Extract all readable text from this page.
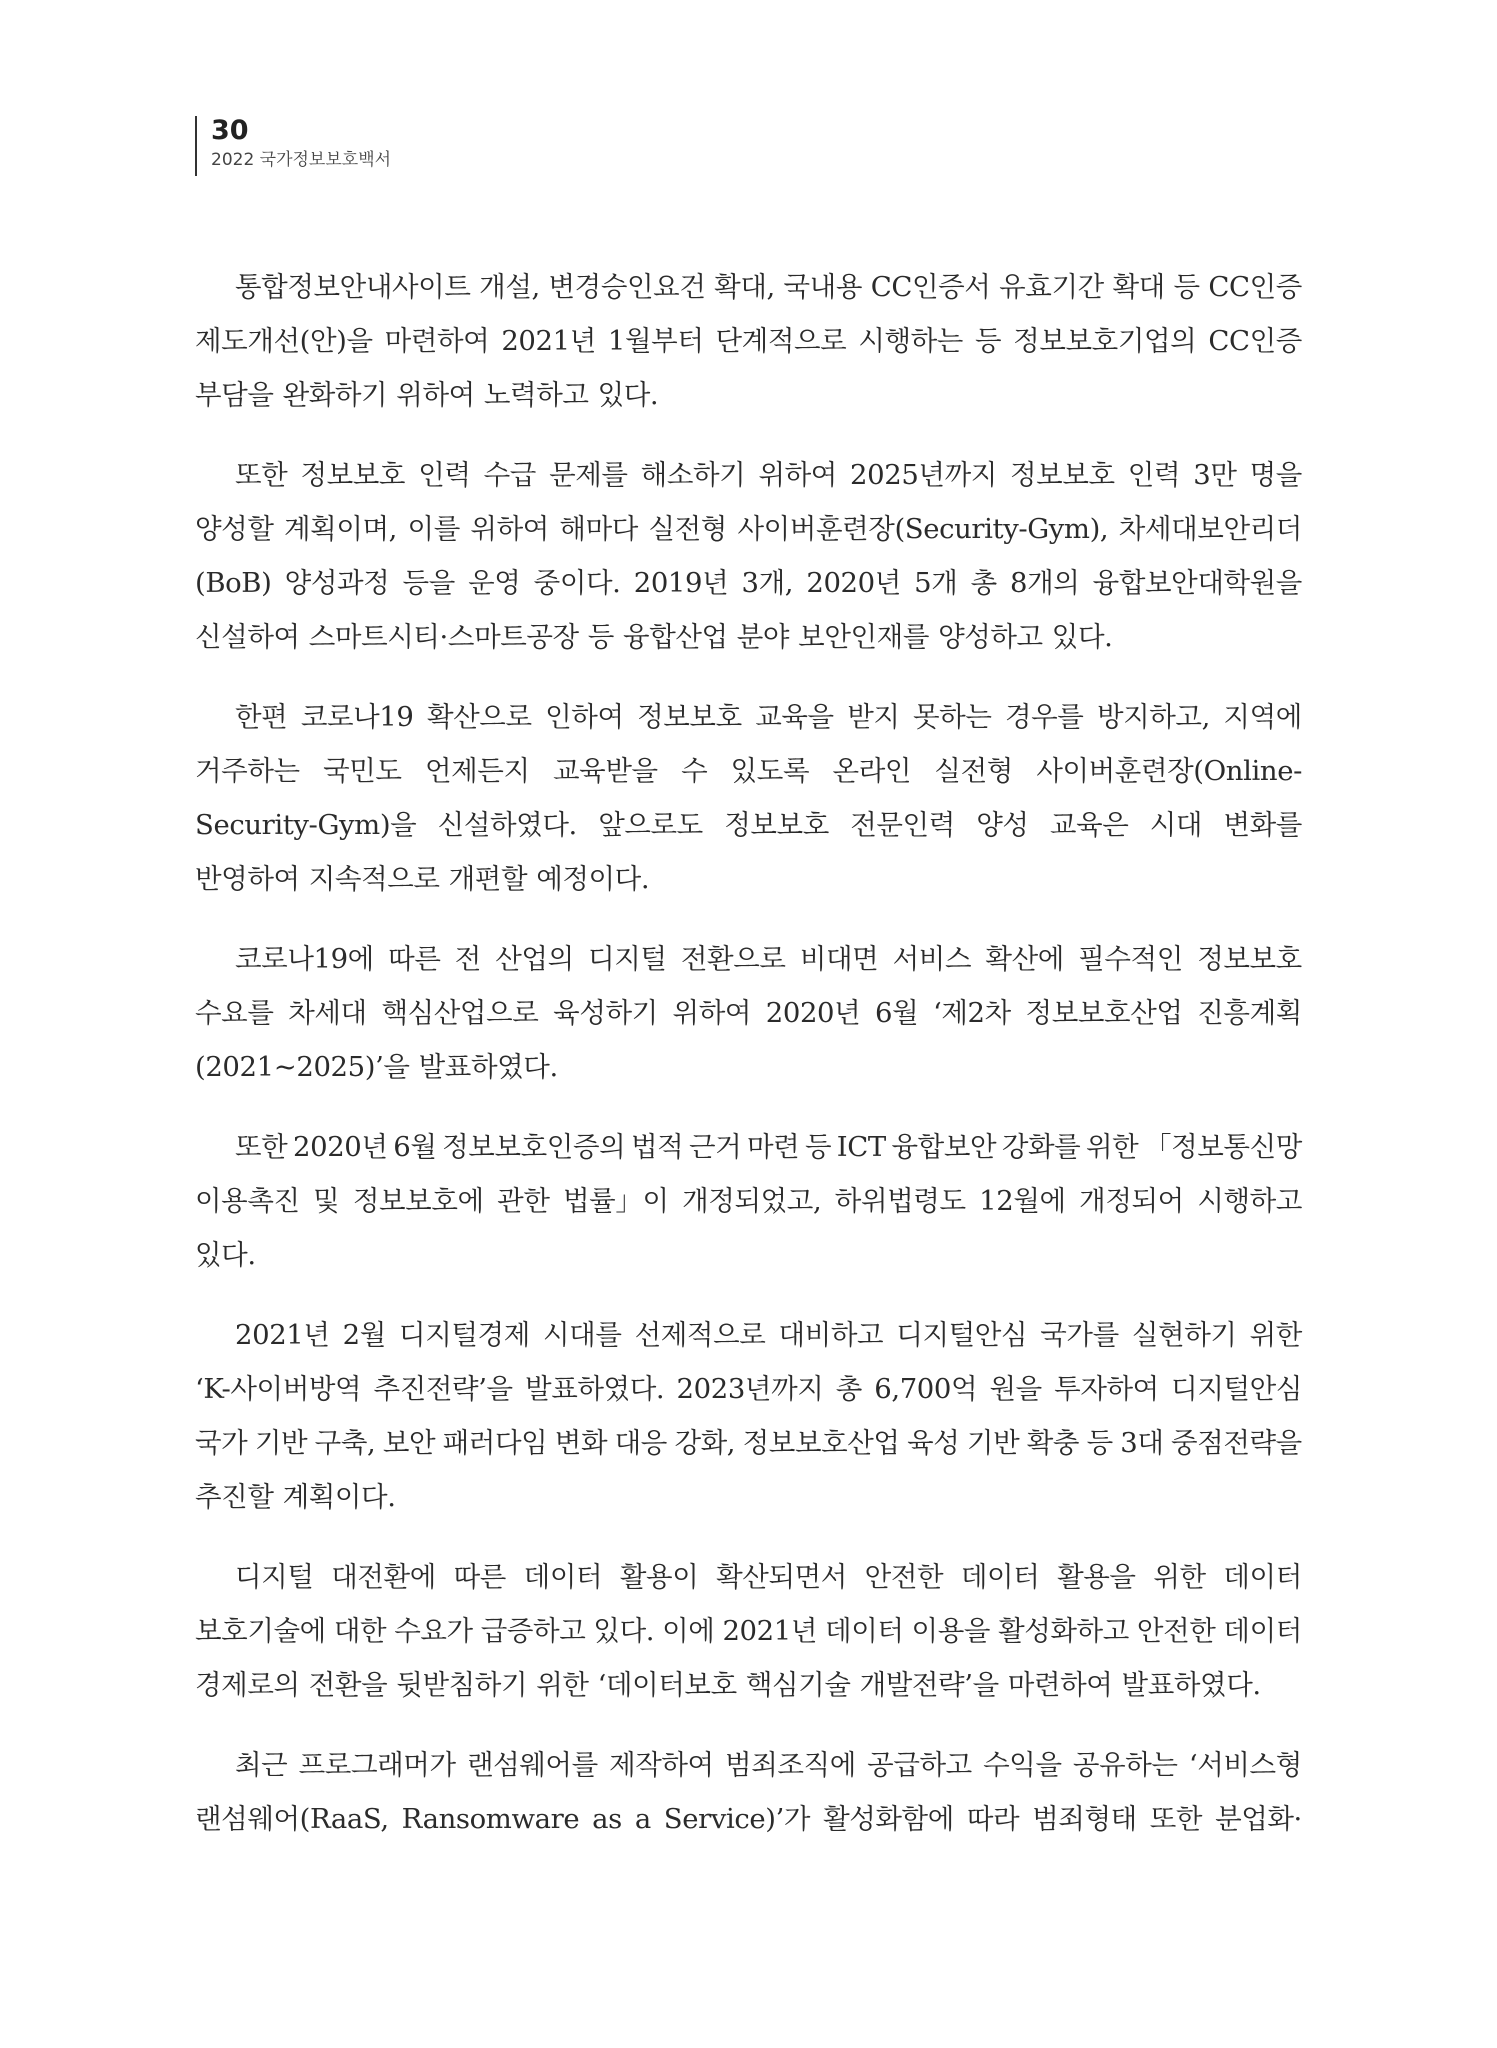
30
2022 국가정보보호백서
통합정보안내사이트 개설, 변경승인요건 확대, 국내용 CC인증서 유효기간 확대 등 CC인증
제도개선(안)을 마련하여 2021년 1월부터 단계적으로 시행하는 등 정보보호기업의 CC인증
부담을 완화하기 위하여 노력하고 있다.
또한 정보보호 인력 수급 문제를 해소하기 위하여 2025년까지 정보보호 인력 3만 명을
양성할 계획이며, 이를 위하여 해마다 실전형 사이버훈련장(Security-Gym), 차세대보안리더
(BoB) 양성과정 등을 운영 중이다. 2019년 3개, 2020년 5개 총 8개의 융합보안대학원을
신설하여 스마트시티·스마트공장 등 융합산업 분야 보안인재를 양성하고 있다.
한편 코로나19 확산으로 인하여 정보보호 교육을 받지 못하는 경우를 방지하고, 지역에
거주하는 국민도 언제든지 교육받을 수 있도록 온라인 실전형 사이버훈련장(Online-
Security-Gym)을 신설하였다. 앞으로도 정보보호 전문인력 양성 교육은 시대 변화를
반영하여 지속적으로 개편할 예정이다.
코로나19에 따른 전 산업의 디지털 전환으로 비대면 서비스 확산에 필수적인 정보보호
수요를 차세대 핵심산업으로 육성하기 위하여 2020년 6월 ‘제2차 정보보호산업 진흥계획
(2021~2025)’을 발표하였다.
또한 2020년 6월 정보보호인증의 법적 근거 마련 등 ICT 융합보안 강화를 위한 「정보통신망
이용촉진 및 정보보호에 관한 법률」이 개정되었고, 하위법령도 12월에 개정되어 시행하고
있다.
2021년 2월 디지털경제 시대를 선제적으로 대비하고 디지털안심 국가를 실현하기 위한
‘K-사이버방역 추진전략’을 발표하였다. 2023년까지 총 6,700억 원을 투자하여 디지털안심
국가 기반 구축, 보안 패러다임 변화 대응 강화, 정보보호산업 육성 기반 확충 등 3대 중점전략을
추진할 계획이다.
디지털 대전환에 따른 데이터 활용이 확산되면서 안전한 데이터 활용을 위한 데이터
보호기술에 대한 수요가 급증하고 있다. 이에 2021년 데이터 이용을 활성화하고 안전한 데이터
경제로의 전환을 뒷받침하기 위한 ‘데이터보호 핵심기술 개발전략’을 마련하여 발표하였다.
최근 프로그래머가 랜섬웨어를 제작하여 범죄조직에 공급하고 수익을 공유하는 ‘서비스형
랜섬웨어(RaaS, Ransomware as a Service)’가 활성화함에 따라 범죄형태 또한 분업화·
